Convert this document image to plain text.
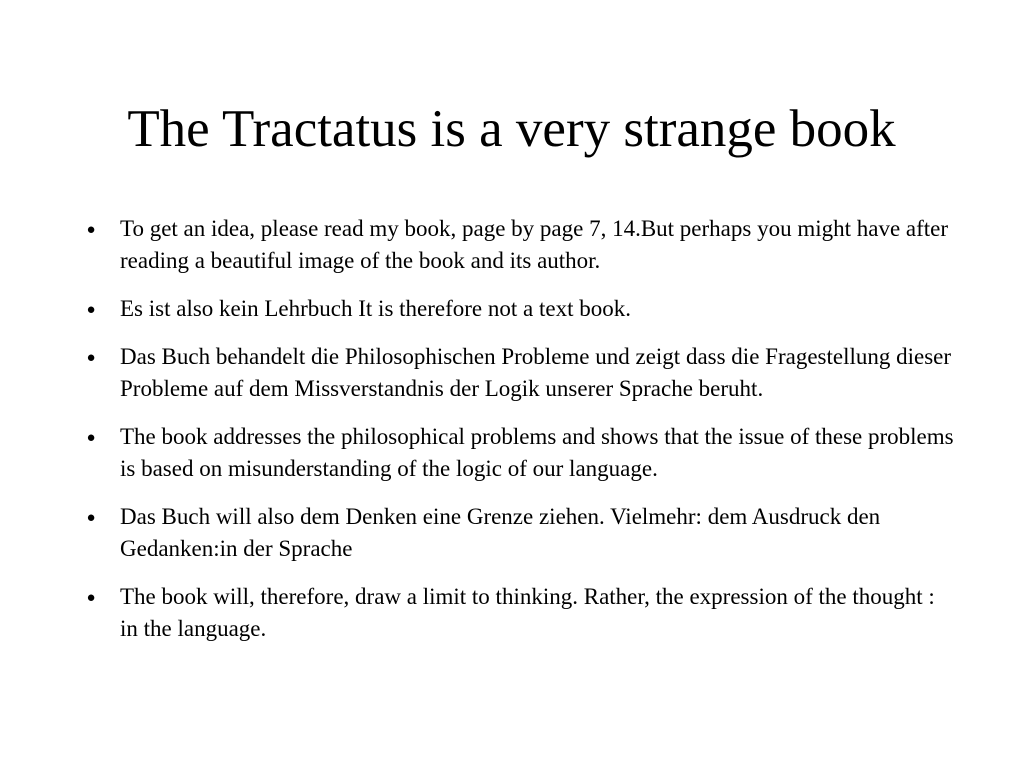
The Tractatus is a very strange book
● To get an idea, please read my book, page by page 7, 14.But perhaps you might have after reading a beautiful image of the book and its author.
● Es ist also kein Lehrbuch It is therefore not a text book.
● Das Buch behandelt die Philosophischen Probleme und zeigt dass die Fragestellung dieser Probleme auf dem Missverstandnis der Logik unserer Sprache beruht.
● The book addresses the philosophical problems and shows that the issue of these problems is based on misunderstanding of the logic of our language.
● Das Buch will also dem Denken eine Grenze ziehen. Vielmehr: dem Ausdruck den Gedanken:in der Sprache
● The book will, therefore, draw a limit to thinking. Rather, the expression of the thought : in the language.
